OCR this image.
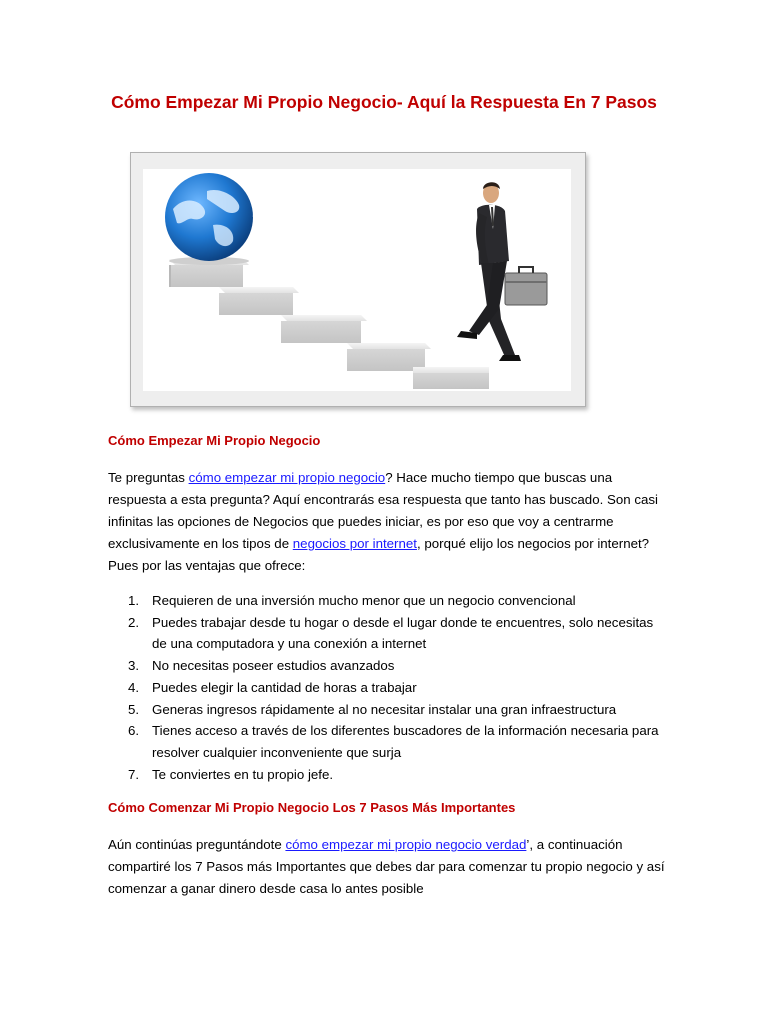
Cómo Empezar Mi Propio Negocio- Aquí la Respuesta En 7 Pasos
Cómo Empezar Mi Propio Negocio

Te preguntas cómo empezar mi propio negocio? Hace mucho tiempo que buscas una respuesta a esta pregunta? Aquí encontrarás esa respuesta que tanto has buscado. Son casi infinitas las opciones de Negocios que puedes iniciar, es por eso que voy a centrarme exclusivamente en los tipos de negocios por internet, porqué elijo los negocios por internet? Pues por las ventajas que ofrece:

1. Requieren de una inversión mucho menor que un negocio convencional
2. Puedes trabajar desde tu hogar o desde el lugar donde te encuentres, solo necesitas de una computadora y una conexión a internet
3. No necesitas poseer estudios avanzados
4. Puedes elegir la cantidad de horas a trabajar
5. Generas ingresos rápidamente al no necesitar instalar una gran infraestructura
6. Tienes acceso a través de los diferentes buscadores de la información necesaria para resolver cualquier inconveniente que surja
7. Te conviertes en tu propio jefe.
Cómo Comenzar Mi Propio Negocio Los 7 Pasos Más Importantes

Aún continúas preguntándote cómo empezar mi propio negocio verdad’, a continuación compartiré los 7 Pasos más Importantes que debes dar para comenzar tu propio negocio y así comenzar a ganar dinero desde casa lo antes posible
